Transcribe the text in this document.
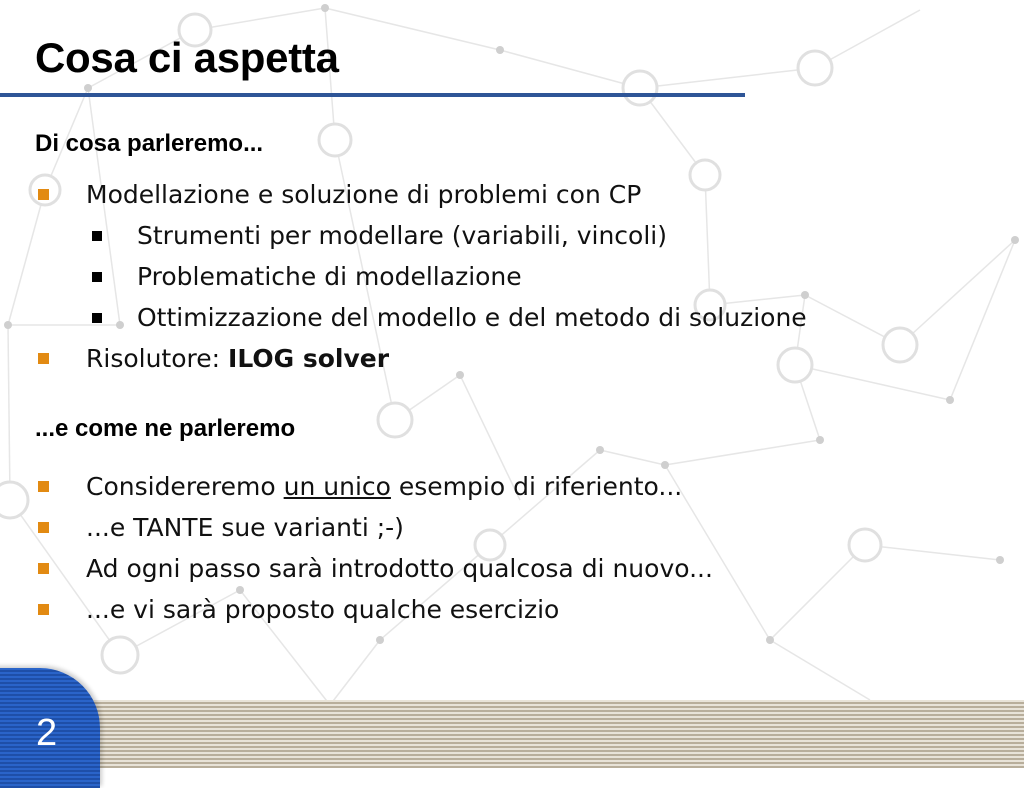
Cosa ci aspetta
Di cosa parleremo...
Modellazione e soluzione di problemi con CP
Strumenti per modellare (variabili, vincoli)
Problematiche di modellazione
Ottimizzazione del modello e del metodo di soluzione
Risolutore: ILOG solver
...e come ne parleremo
Considereremo un unico esempio di riferiento...
...e TANTE sue varianti ;-)
Ad ogni passo sarà introdotto qualcosa di nuovo...
...e vi sarà proposto qualche esercizio
2
